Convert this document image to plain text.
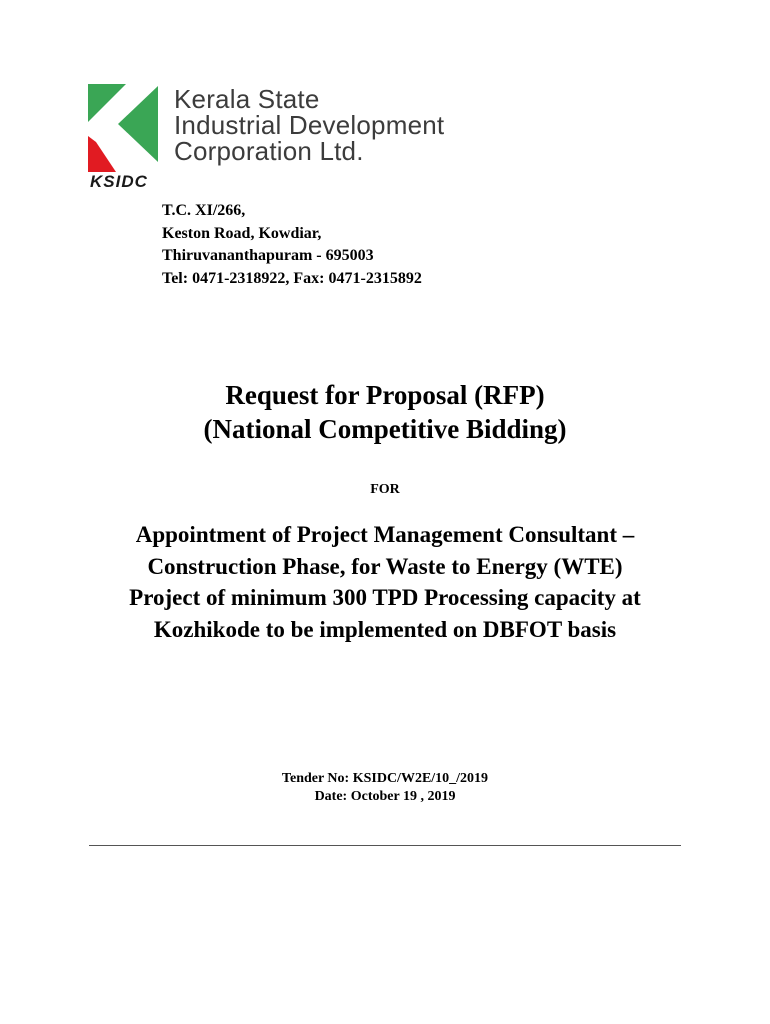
Kerala State
Industrial Development
Corporation Ltd.
KSIDC
T.C. XI/266,
Keston Road, Kowdiar,
Thiruvananthapuram - 695003
Tel: 0471-2318922, Fax: 0471-2315892
Request for Proposal (RFP)
(National Competitive Bidding)
FOR
Appointment of Project Management Consultant –
Construction Phase, for Waste to Energy (WTE)
Project of minimum 300 TPD Processing capacity at
Kozhikode to be implemented on DBFOT basis
Tender No: KSIDC/W2E/10_/2019
Date: October 19 , 2019
